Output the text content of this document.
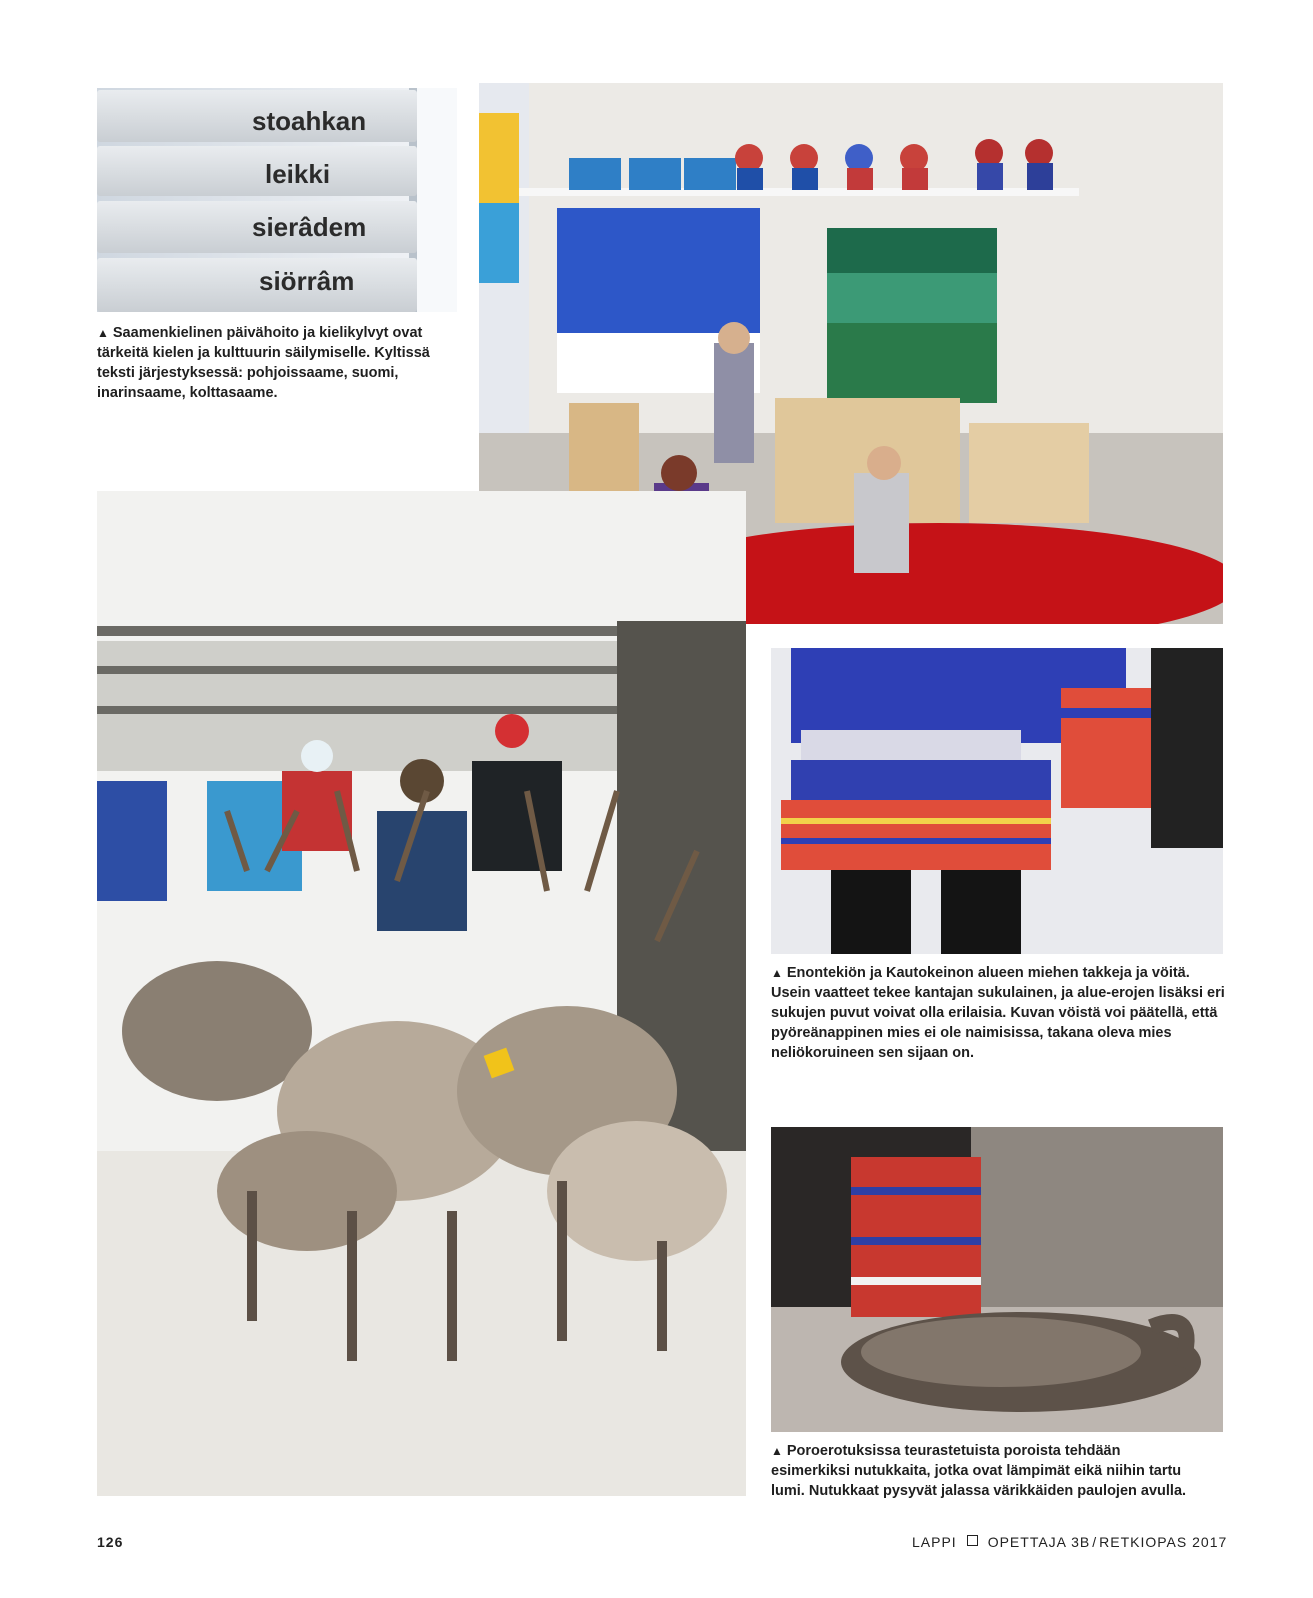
stoahkan
leikki
sierâdem
siörrâm
▲ Saamenkielinen päivähoito ja kielikylvyt ovat tärkeitä kielen ja kulttuurin säilymiselle. Kyltissä teksti järjestyksessä: pohjoissaame, suomi, inarinsaame, kolttasaame.
▲ Enontekiön ja Kautokeinon alueen miehen takkeja ja vöitä. Usein vaatteet tekee kantajan sukulainen, ja alue-erojen lisäksi eri sukujen puvut voivat olla erilaisia. Kuvan vöistä voi päätellä, että pyöreänappinen mies ei ole naimisissa, takana oleva mies neliökoruineen sen sijaan on.
▲ Poroerotuksissa teurastetuista poroista tehdään esimerkiksi nutukkaita, jotka ovat lämpimät eikä niihin tartu lumi. Nutukkaat pysyvät jalassa värikkäiden paulojen avulla.
126	LAPPI OPETTAJA 3B / RETKIOPAS 2017
